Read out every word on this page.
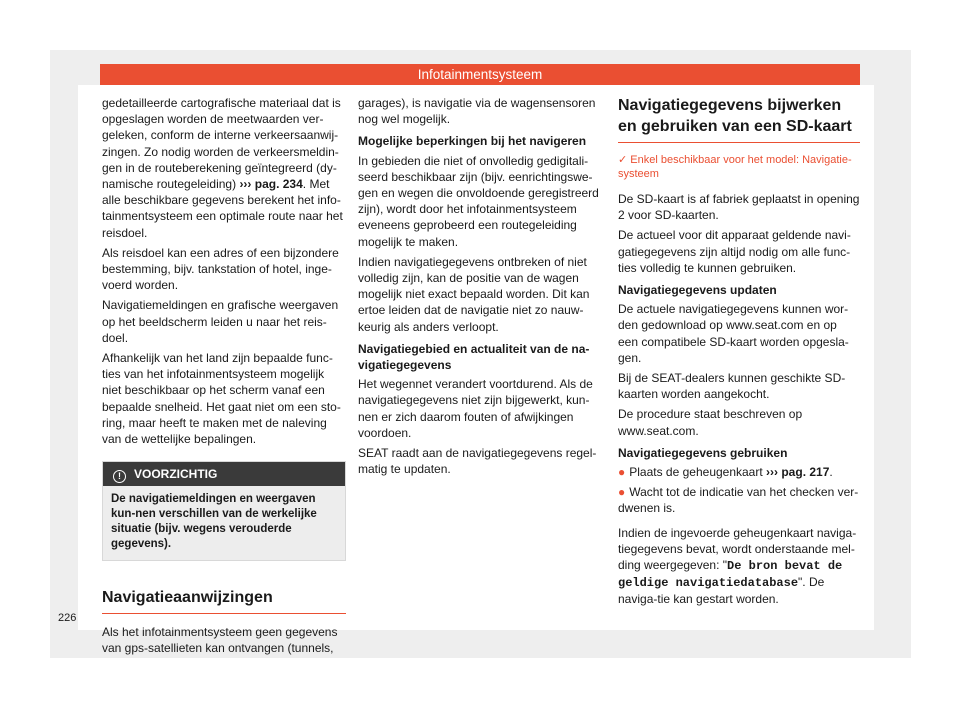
Infotainmentsysteem

gedetailleerde cartografische materiaal dat is opgeslagen worden de meetwaarden ver-geleken, conform de interne verkeersaanwij-zingen. Zo nodig worden de verkeersmeldin-gen in de routeberekening geïntegreerd (dy-namische routegeleiding) ››› pag. 234. Met alle beschikbare gegevens berekent het info-tainmentsysteem een optimale route naar het reisdoel.

Als reisdoel kan een adres of een bijzondere bestemming, bijv. tankstation of hotel, inge-voerd worden.

Navigatiemeldingen en grafische weergaven op het beeldscherm leiden u naar het reis-doel.

Afhankelijk van het land zijn bepaalde func-ties van het infotainmentsysteem mogelijk niet beschikbaar op het scherm vanaf een bepaalde snelheid. Het gaat niet om een sto-ring, maar heeft te maken met de naleving van de wettelijke bepalingen.

! VOORZICHTIG
De navigatiemeldingen en weergaven kun-nen verschillen van de werkelijke situatie (bijv. wegens verouderde gegevens).
Navigatieaanwijzingen

Als het infotainmentsysteem geen gegevens van gps-satellieten kan ontvangen (tunnels,

garages), is navigatie via de wagensensoren nog wel mogelijk.

Mogelijke beperkingen bij het navigeren

In gebieden die niet of onvolledig gedigitali-seerd beschikbaar zijn (bijv. eenrichtingswe-gen en wegen die onvoldoende geregistreerd zijn), wordt door het infotainmentsysteem eveneens geprobeerd een routegeleiding mogelijk te maken.

Indien navigatiegegevens ontbreken of niet volledig zijn, kan de positie van de wagen mogelijk niet exact bepaald worden. Dit kan ertoe leiden dat de navigatie niet zo nauw-keurig als anders verloopt.

Navigatiegebied en actualiteit van de na-vigatiegegevens

Het wegennet verandert voortdurend. Als de navigatiegegevens niet zijn bijgewerkt, kun-nen er zich daarom fouten of afwijkingen voordoen.

SEAT raadt aan de navigatiegegevens regel-matig te updaten.

Navigatiegegevens bijwerken en gebruiken van een SD-kaart
✓ Enkel beschikbaar voor het model: Navigatie-systeem

De SD-kaart is af fabriek geplaatst in opening 2 voor SD-kaarten.

De actueel voor dit apparaat geldende navi-gatiegegevens zijn altijd nodig om alle func-ties volledig te kunnen gebruiken.

Navigatiegegevens updaten

De actuele navigatiegegevens kunnen wor-den gedownload op www.seat.com en op een compatibele SD-kaart worden opgesla-gen.

Bij de SEAT-dealers kunnen geschikte SD-kaarten worden aangekocht.

De procedure staat beschreven op www.seat.com.

Navigatiegegevens gebruiken

● Plaats de geheugenkaart ››› pag. 217.

● Wacht tot de indicatie van het checken ver-dwenen is.

Indien de ingevoerde geheugenkaart naviga-tiegegevens bevat, wordt onderstaande mel-ding weergegeven: "De bron bevat de geldige navigatiedatabase". De naviga-tie kan gestart worden.

226
